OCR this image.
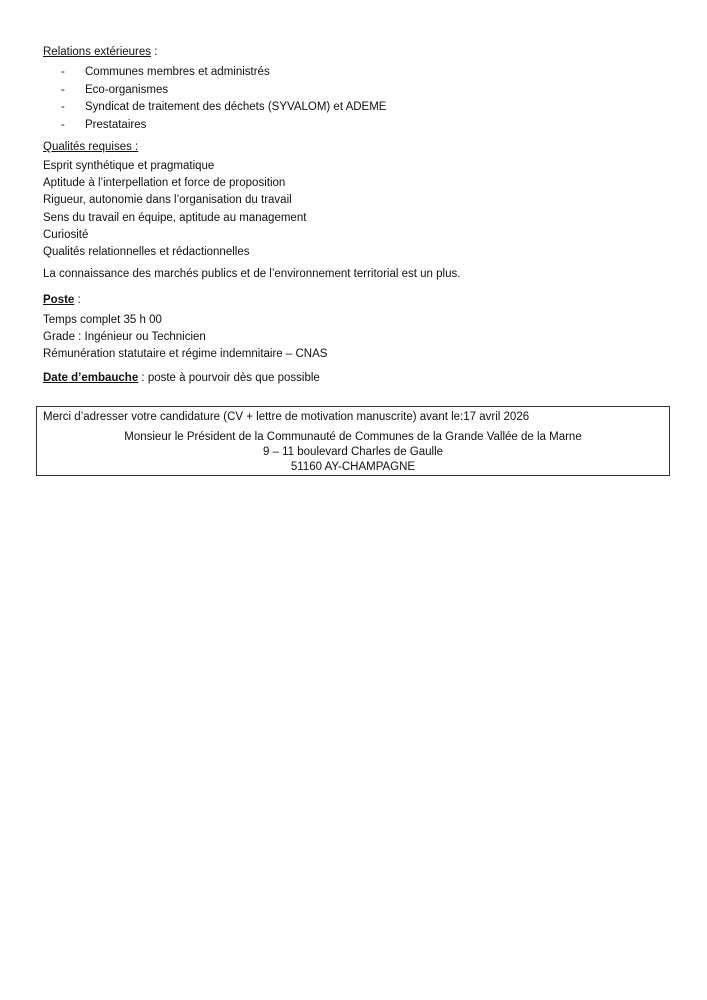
Relations extérieures :
- Communes membres et administrés
- Eco-organismes
- Syndicat de traitement des déchets (SYVALOM) et ADEME
- Prestataires
Qualités requises :
Esprit synthétique et pragmatique
Aptitude à l’interpellation et force de proposition
Rigueur, autonomie dans l’organisation du travail
Sens du travail en équipe, aptitude au management
Curiosité
Qualités relationnelles et rédactionnelles
La connaissance des marchés publics et de l’environnement territorial est un plus.
Poste :
Temps complet 35 h 00
Grade : Ingénieur ou Technicien
Rémunération statutaire et régime indemnitaire – CNAS
Date d’embauche : poste à pourvoir dès que possible
Merci d’adresser votre candidature (CV + lettre de motivation manuscrite) avant le:17 avril 2026
Monsieur le Président de la Communauté de Communes de la Grande Vallée de la Marne
9 – 11 boulevard Charles de Gaulle
51160 AY-CHAMPAGNE
